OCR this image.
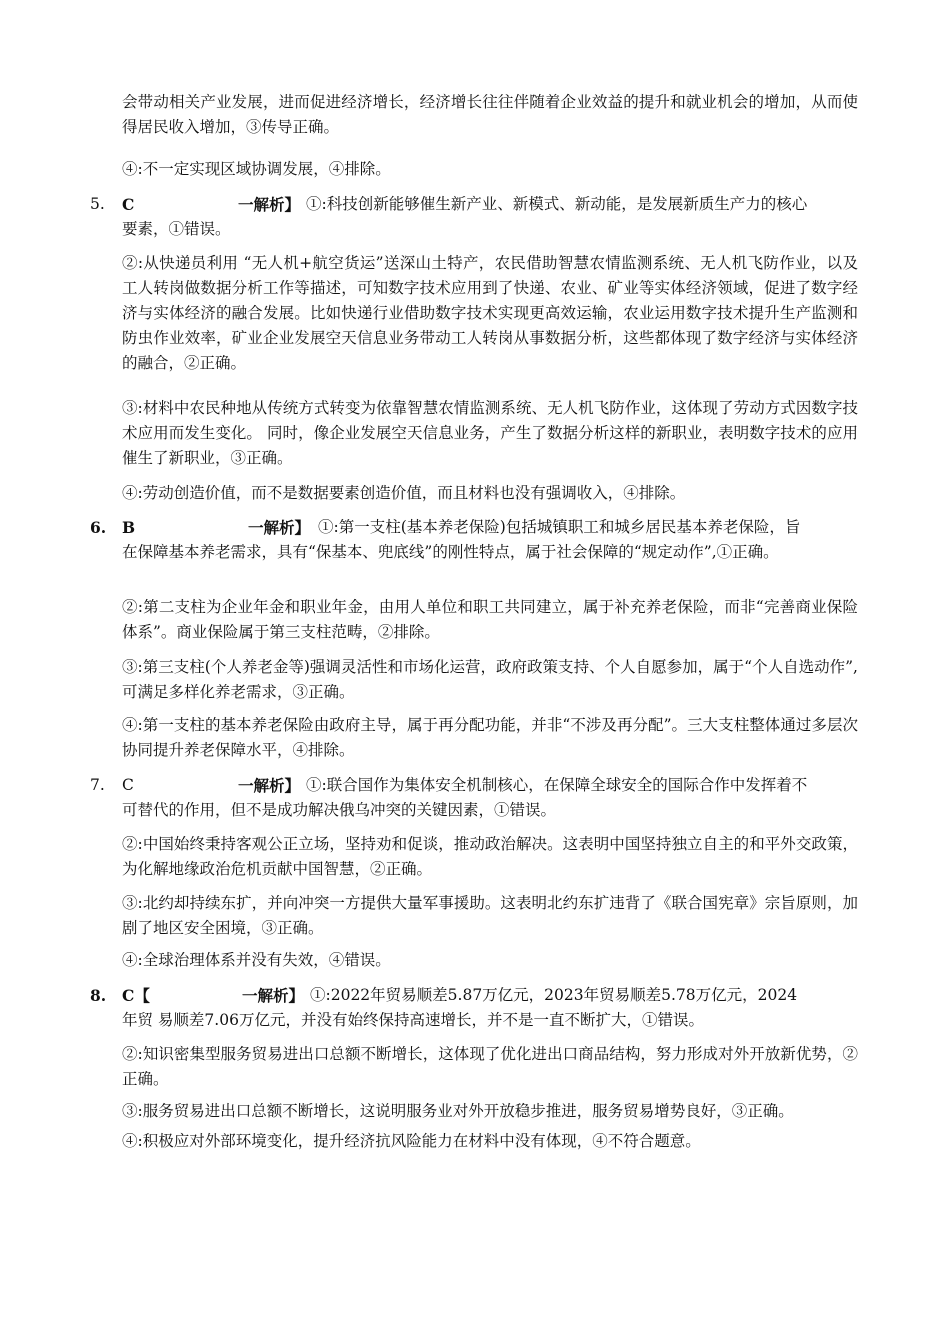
会带动相关产业发展，进而促进经济增长，经济增长往往伴随着企业效益的提升和就业机会的增加，从而使得居民收入增加，③传导正确。
④:不一定实现区域协调发展，④排除。
5. C	一解析】 ①:科技创新能够催生新产业、新模式、新动能，是发展新质生产力的核心
要素，①错误。
②:从快递员利用 “无人机+航空货运”送深山土特产，农民借助智慧农情监测系统、无人机飞防作业，以及工人转岗做数据分析工作等描述，可知数字技术应用到了快递、农业、矿业等实体经济领域，促进了数字经济与实体经济的融合发展。比如快递行业借助数字技术实现更高效运输，农业运用数字技术提升生产监测和防虫作业效率，矿业企业发展空天信息业务带动工人转岗从事数据分析，这些都体现了数字经济与实体经济的融合，②正确。
③:材料中农民种地从传统方式转变为依靠智慧农情监测系统、无人机飞防作业，这体现了劳动方式因数字技术应用而发生变化。 同时，像企业发展空天信息业务，产生了数据分析这样的新职业，表明数字技术的应用催生了新职业，③正确。
④:劳动创造价值，而不是数据要素创造价值，而且材料也没有强调收入，④排除。
6. B	一解析】 ①:第一支柱(基本养老保险)包括城镇职工和城乡居民基本养老保险，旨
在保障基本养老需求，具有“保基本、兜底线”的刚性特点，属于社会保障的“规定动作”,①正确。
②:第二支柱为企业年金和职业年金，由用人单位和职工共同建立，属于补充养老保险，而非“完善商业保险体系”。商业保险属于第三支柱范畴，②排除。
③:第三支柱(个人养老金等)强调灵活性和市场化运营，政府政策支持、个人自愿参加，属于“个人自选动作”,可满足多样化养老需求，③正确。
④:第一支柱的基本养老保险由政府主导，属于再分配功能，并非“不涉及再分配”。三大支柱整体通过多层次协同提升养老保障水平，④排除。
7. C	一解析】 ①:联合国作为集体安全机制核心，在保障全球安全的国际合作中发挥着不
可替代的作用，但不是成功解决俄乌冲突的关键因素，①错误。
②:中国始终秉持客观公正立场，坚持劝和促谈，推动政治解决。这表明中国坚持独立自主的和平外交政策，为化解地缘政治危机贡献中国智慧，②正确。
③:北约却持续东扩，并向冲突一方提供大量军事援助。这表明北约东扩违背了《联合国宪章》宗旨原则，加剧了地区安全困境，③正确。
④:全球治理体系并没有失效，④错误。
8. C【	一解析】 ①:2022年贸易顺差5.87万亿元，2023年贸易顺差5.78万亿元，2024
年贸 易顺差7.06万亿元，并没有始终保持高速增长，并不是一直不断扩大，①错误。
②:知识密集型服务贸易进出口总额不断增长，这体现了优化进出口商品结构，努力形成对外开放新优势，②正确。
③:服务贸易进出口总额不断增长，这说明服务业对外开放稳步推进，服务贸易增势良好，③正确。
④:积极应对外部环境变化，提升经济抗风险能力在材料中没有体现，④不符合题意。
